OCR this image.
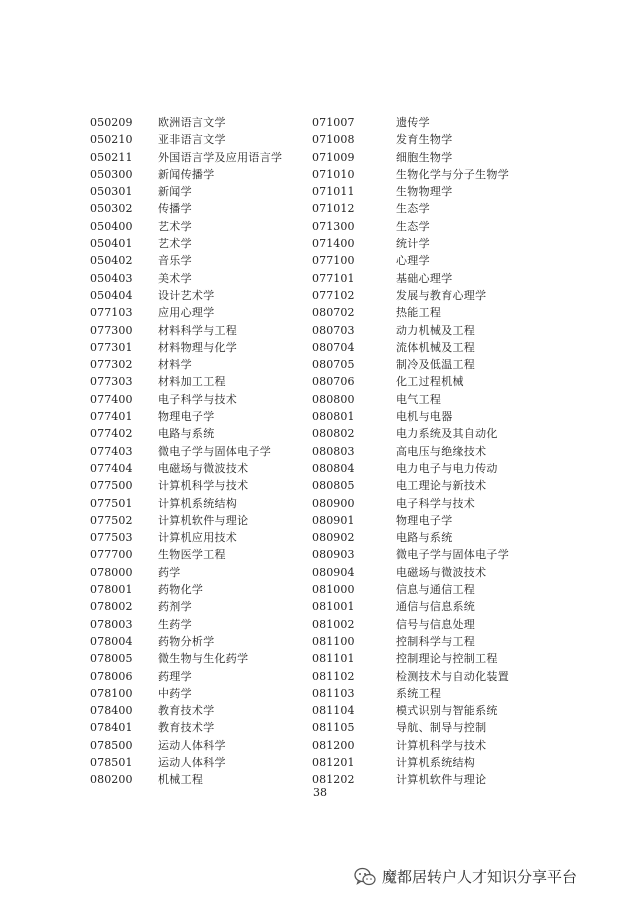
050209	欧洲语言文学
050210	亚非语言文学
050211	外国语言学及应用语言学
050300	新闻传播学
050301	新闻学
050302	传播学
050400	艺术学
050401	艺术学
050402	音乐学
050403	美术学
050404	设计艺术学
077103	应用心理学
077300	材料科学与工程
077301	材料物理与化学
077302	材料学
077303	材料加工工程
077400	电子科学与技术
077401	物理电子学
077402	电路与系统
077403	微电子学与固体电子学
077404	电磁场与微波技术
077500	计算机科学与技术
077501	计算机系统结构
077502	计算机软件与理论
077503	计算机应用技术
077700	生物医学工程
078000	药学
078001	药物化学
078002	药剂学
078003	生药学
078004	药物分析学
078005	微生物与生化药学
078006	药理学
078100	中药学
078400	教育技术学
078401	教育技术学
078500	运动人体科学
078501	运动人体科学
080200	机械工程
071007	遗传学
071008	发育生物学
071009	细胞生物学
071010	生物化学与分子生物学
071011	生物物理学
071012	生态学
071300	生态学
071400	统计学
077100	心理学
077101	基础心理学
077102	发展与教育心理学
080702	热能工程
080703	动力机械及工程
080704	流体机械及工程
080705	制冷及低温工程
080706	化工过程机械
080800	电气工程
080801	电机与电器
080802	电力系统及其自动化
080803	高电压与绝缘技术
080804	电力电子与电力传动
080805	电工理论与新技术
080900	电子科学与技术
080901	物理电子学
080902	电路与系统
080903	微电子学与固体电子学
080904	电磁场与微波技术
081000	信息与通信工程
081001	通信与信息系统
081002	信号与信息处理
081100	控制科学与工程
081101	控制理论与控制工程
081102	检测技术与自动化装置
081103	系统工程
081104	模式识别与智能系统
081105	导航、制导与控制
081200	计算机科学与技术
081201	计算机系统结构
081202	计算机软件与理论
38
魔都居转户人才知识分享平台
